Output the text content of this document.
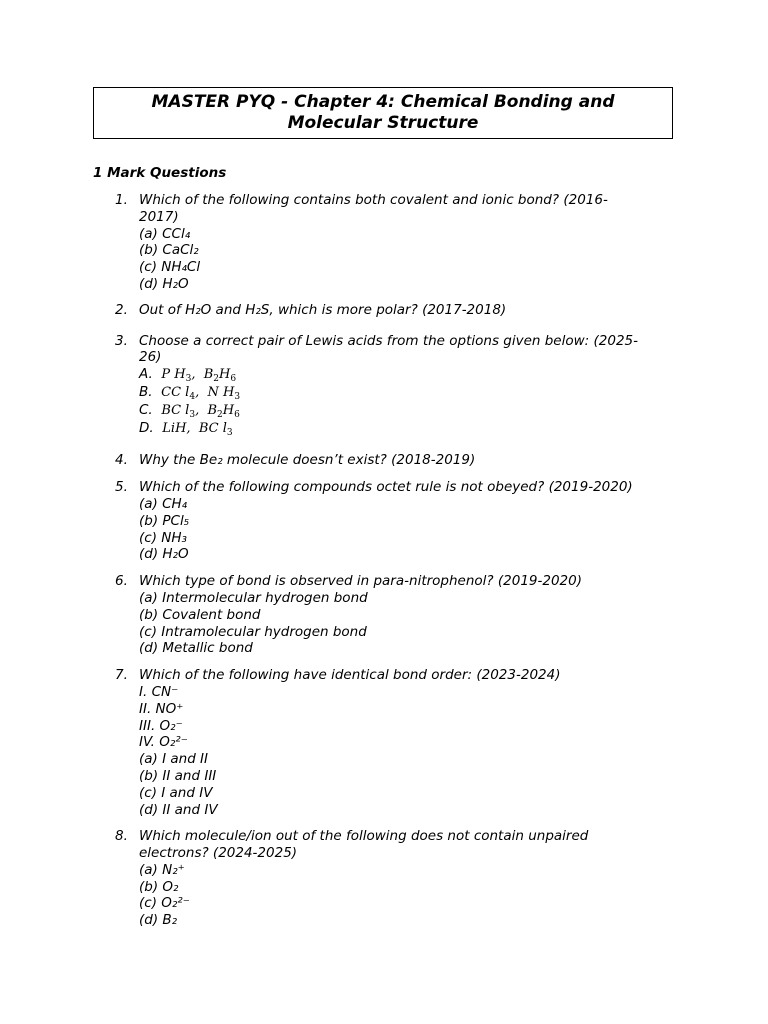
MASTER PYQ - Chapter 4: Chemical Bonding and
Molecular Structure
1 Mark Questions
1. Which of the following contains both covalent and ionic bond? (2016-
2017)
(a) CCl₄
(b) CaCl₂
(c) NH₄Cl
(d) H₂O
2. Out of H₂O and H₂S, which is more polar? (2017-2018)
3. Choose a correct pair of Lewis acids from the options given below: (2025-
26)
A. P $H_3$,  $B_2H_6$
B. CC $l_4$,  N $H_3$
C. BC $l_3$,  $B_2H_6$
D. LiH,  BC $l_3$
4. Why the Be₂ molecule doesn’t exist? (2018-2019)
5. Which of the following compounds octet rule is not obeyed? (2019-2020)
(a) CH₄
(b) PCl₅
(c) NH₃
(d) H₂O
6. Which type of bond is observed in para-nitrophenol? (2019-2020)
(a) Intermolecular hydrogen bond
(b) Covalent bond
(c) Intramolecular hydrogen bond
(d) Metallic bond
7. Which of the following have identical bond order: (2023-2024)
I. CN⁻
II. NO⁺
III. O₂⁻
IV. O₂²⁻
(a) I and II
(b) II and III
(c) I and IV
(d) II and IV
8. Which molecule/ion out of the following does not contain unpaired
electrons? (2024-2025)
(a) N₂⁺
(b) O₂
(c) O₂²⁻
(d) B₂
